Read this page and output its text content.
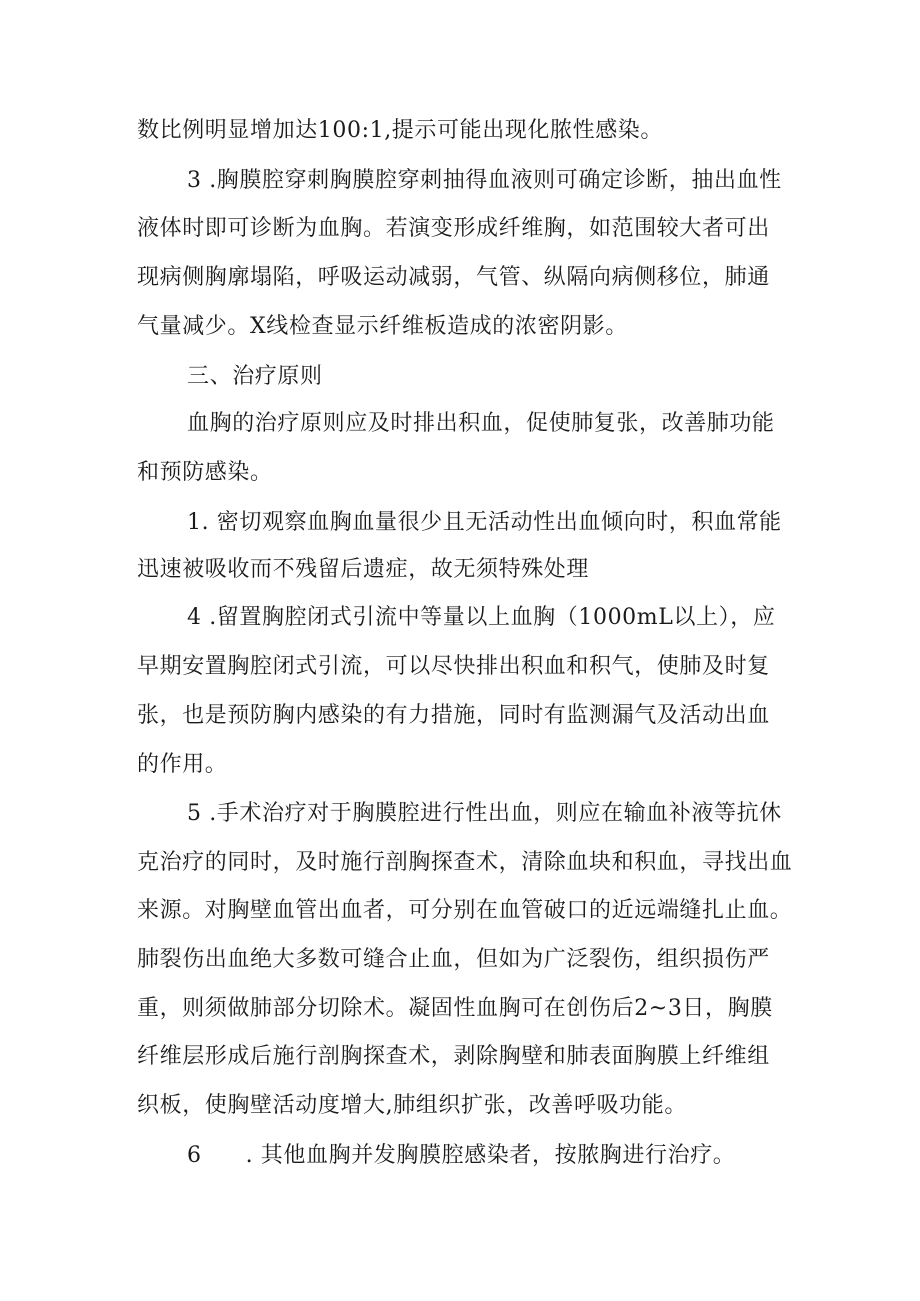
数比例明显增加达100:1,提示可能出现化脓性感染。

3 .胸膜腔穿刺胸膜腔穿刺抽得血液则可确定诊断，抽出血性

液体时即可诊断为血胸。若演变形成纤维胸，如范围较大者可出

现病侧胸廓塌陷，呼吸运动减弱，气管、纵隔向病侧移位，肺通

气量减少。X线检查显示纤维板造成的浓密阴影。

三、治疗原则

血胸的治疗原则应及时排出积血，促使肺复张，改善肺功能

和预防感染。

1. 密切观察血胸血量很少且无活动性出血倾向时，积血常能

迅速被吸收而不残留后遗症，故无须特殊处理

4 .留置胸腔闭式引流中等量以上血胸（1000mL以上），应

早期安置胸腔闭式引流，可以尽快排出积血和积气，使肺及时复

张，也是预防胸内感染的有力措施，同时有监测漏气及活动出血

的作用。

5 .手术治疗对于胸膜腔进行性出血，则应在输血补液等抗休

克治疗的同时，及时施行剖胸探查术，清除血块和积血，寻找出血

来源。对胸壁血管出血者，可分别在血管破口的近远端缝扎止血。

肺裂伤出血绝大多数可缝合止血，但如为广泛裂伤，组织损伤严

重，则须做肺部分切除术。凝固性血胸可在创伤后2~3日，胸膜

纤维层形成后施行剖胸探查术，剥除胸壁和肺表面胸膜上纤维组

织板，使胸壁活动度增大,肺组织扩张，改善呼吸功能。

6 . 其他血胸并发胸膜腔感染者，按脓胸进行治疗。
